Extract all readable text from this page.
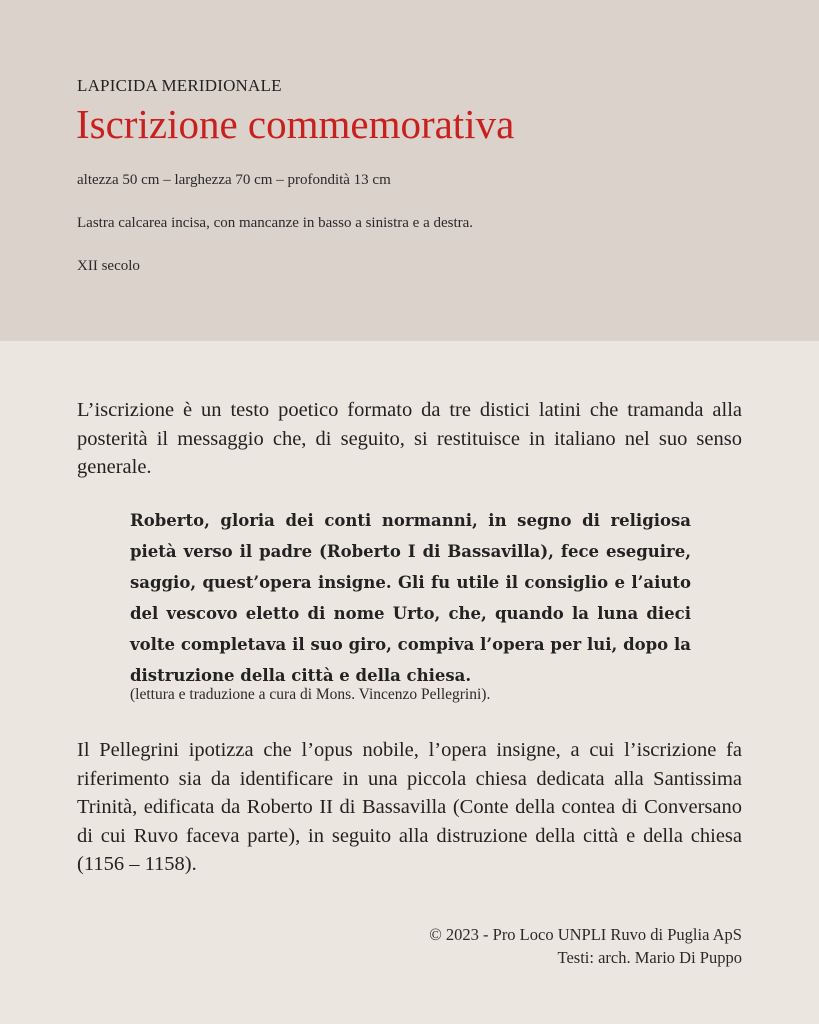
LAPICIDA MERIDIONALE
Iscrizione commemorativa
altezza 50 cm – larghezza 70 cm – profondità 13 cm
Lastra calcarea incisa, con mancanze in basso a sinistra e a destra.
XII secolo
L’iscrizione è un testo poetico formato da tre distici latini che tramanda alla posterità il messaggio che, di seguito, si restituisce in italiano nel suo senso generale.
Roberto, gloria dei conti normanni, in segno di religiosa pietà verso il padre (Roberto I di Bassavilla), fece eseguire, saggio, quest’opera insigne. Gli fu utile il consiglio e l’aiuto del vescovo eletto di nome Urto, che, quando la luna dieci volte completava il suo giro, compiva l’opera per lui, dopo la distruzione della città e della chiesa.
(lettura e traduzione a cura di Mons. Vincenzo Pellegrini).
Il Pellegrini ipotizza che l’opus nobile, l’opera insigne, a cui l’iscrizione fa riferimento sia da identificare in una piccola chiesa dedicata alla Santissima Trinità, edificata da Roberto II di Bassavilla (Conte della contea di Conversano di cui Ruvo faceva parte), in seguito alla distruzione della città e della chiesa (1156 – 1158).
© 2023 - Pro Loco UNPLI Ruvo di Puglia ApS
Testi: arch. Mario Di Puppo
